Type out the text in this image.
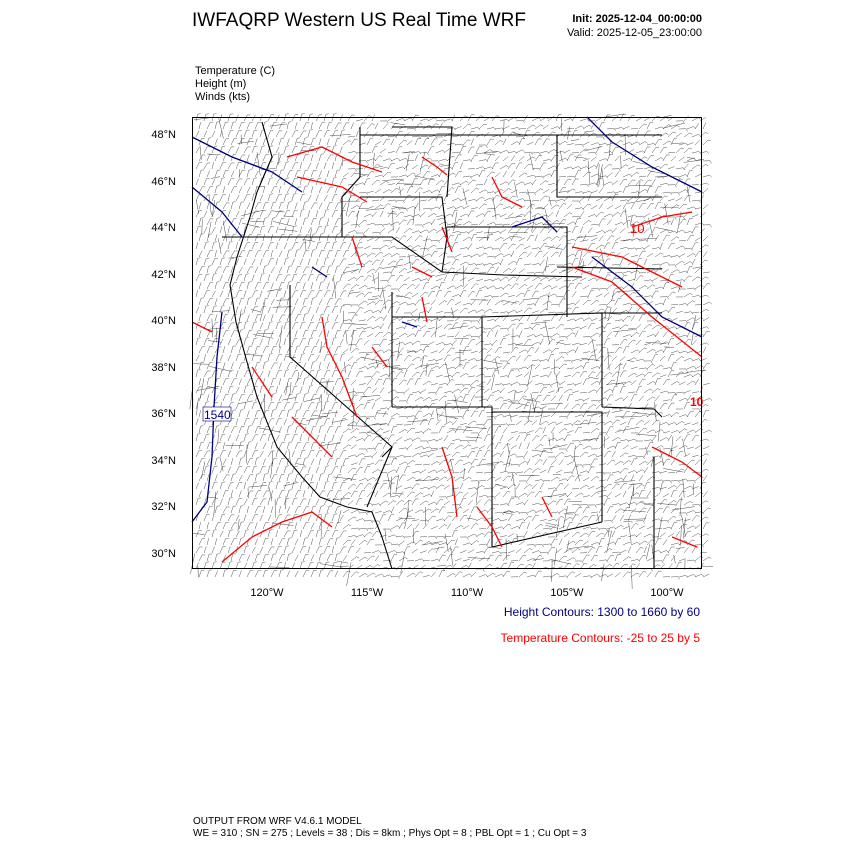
IWFAQRP Western US Real Time WRF	Init: 2025-12-04_00:00:00
Valid: 2025-12-05_23:00:00
Temperature (C)
Height (m)
Winds (kts)
1540
10
10
48°N
46°N
44°N
42°N
40°N
38°N
36°N
34°N
32°N
30°N
120°W	115°W	110°W	105°W	100°W
Height Contours: 1300 to 1660 by 60
Temperature Contours: -25 to 25 by 5
OUTPUT FROM WRF V4.6.1 MODEL
WE = 310 ; SN = 275 ; Levels = 38 ; Dis = 8km ; Phys Opt = 8 ; PBL Opt = 1 ; Cu Opt = 3
